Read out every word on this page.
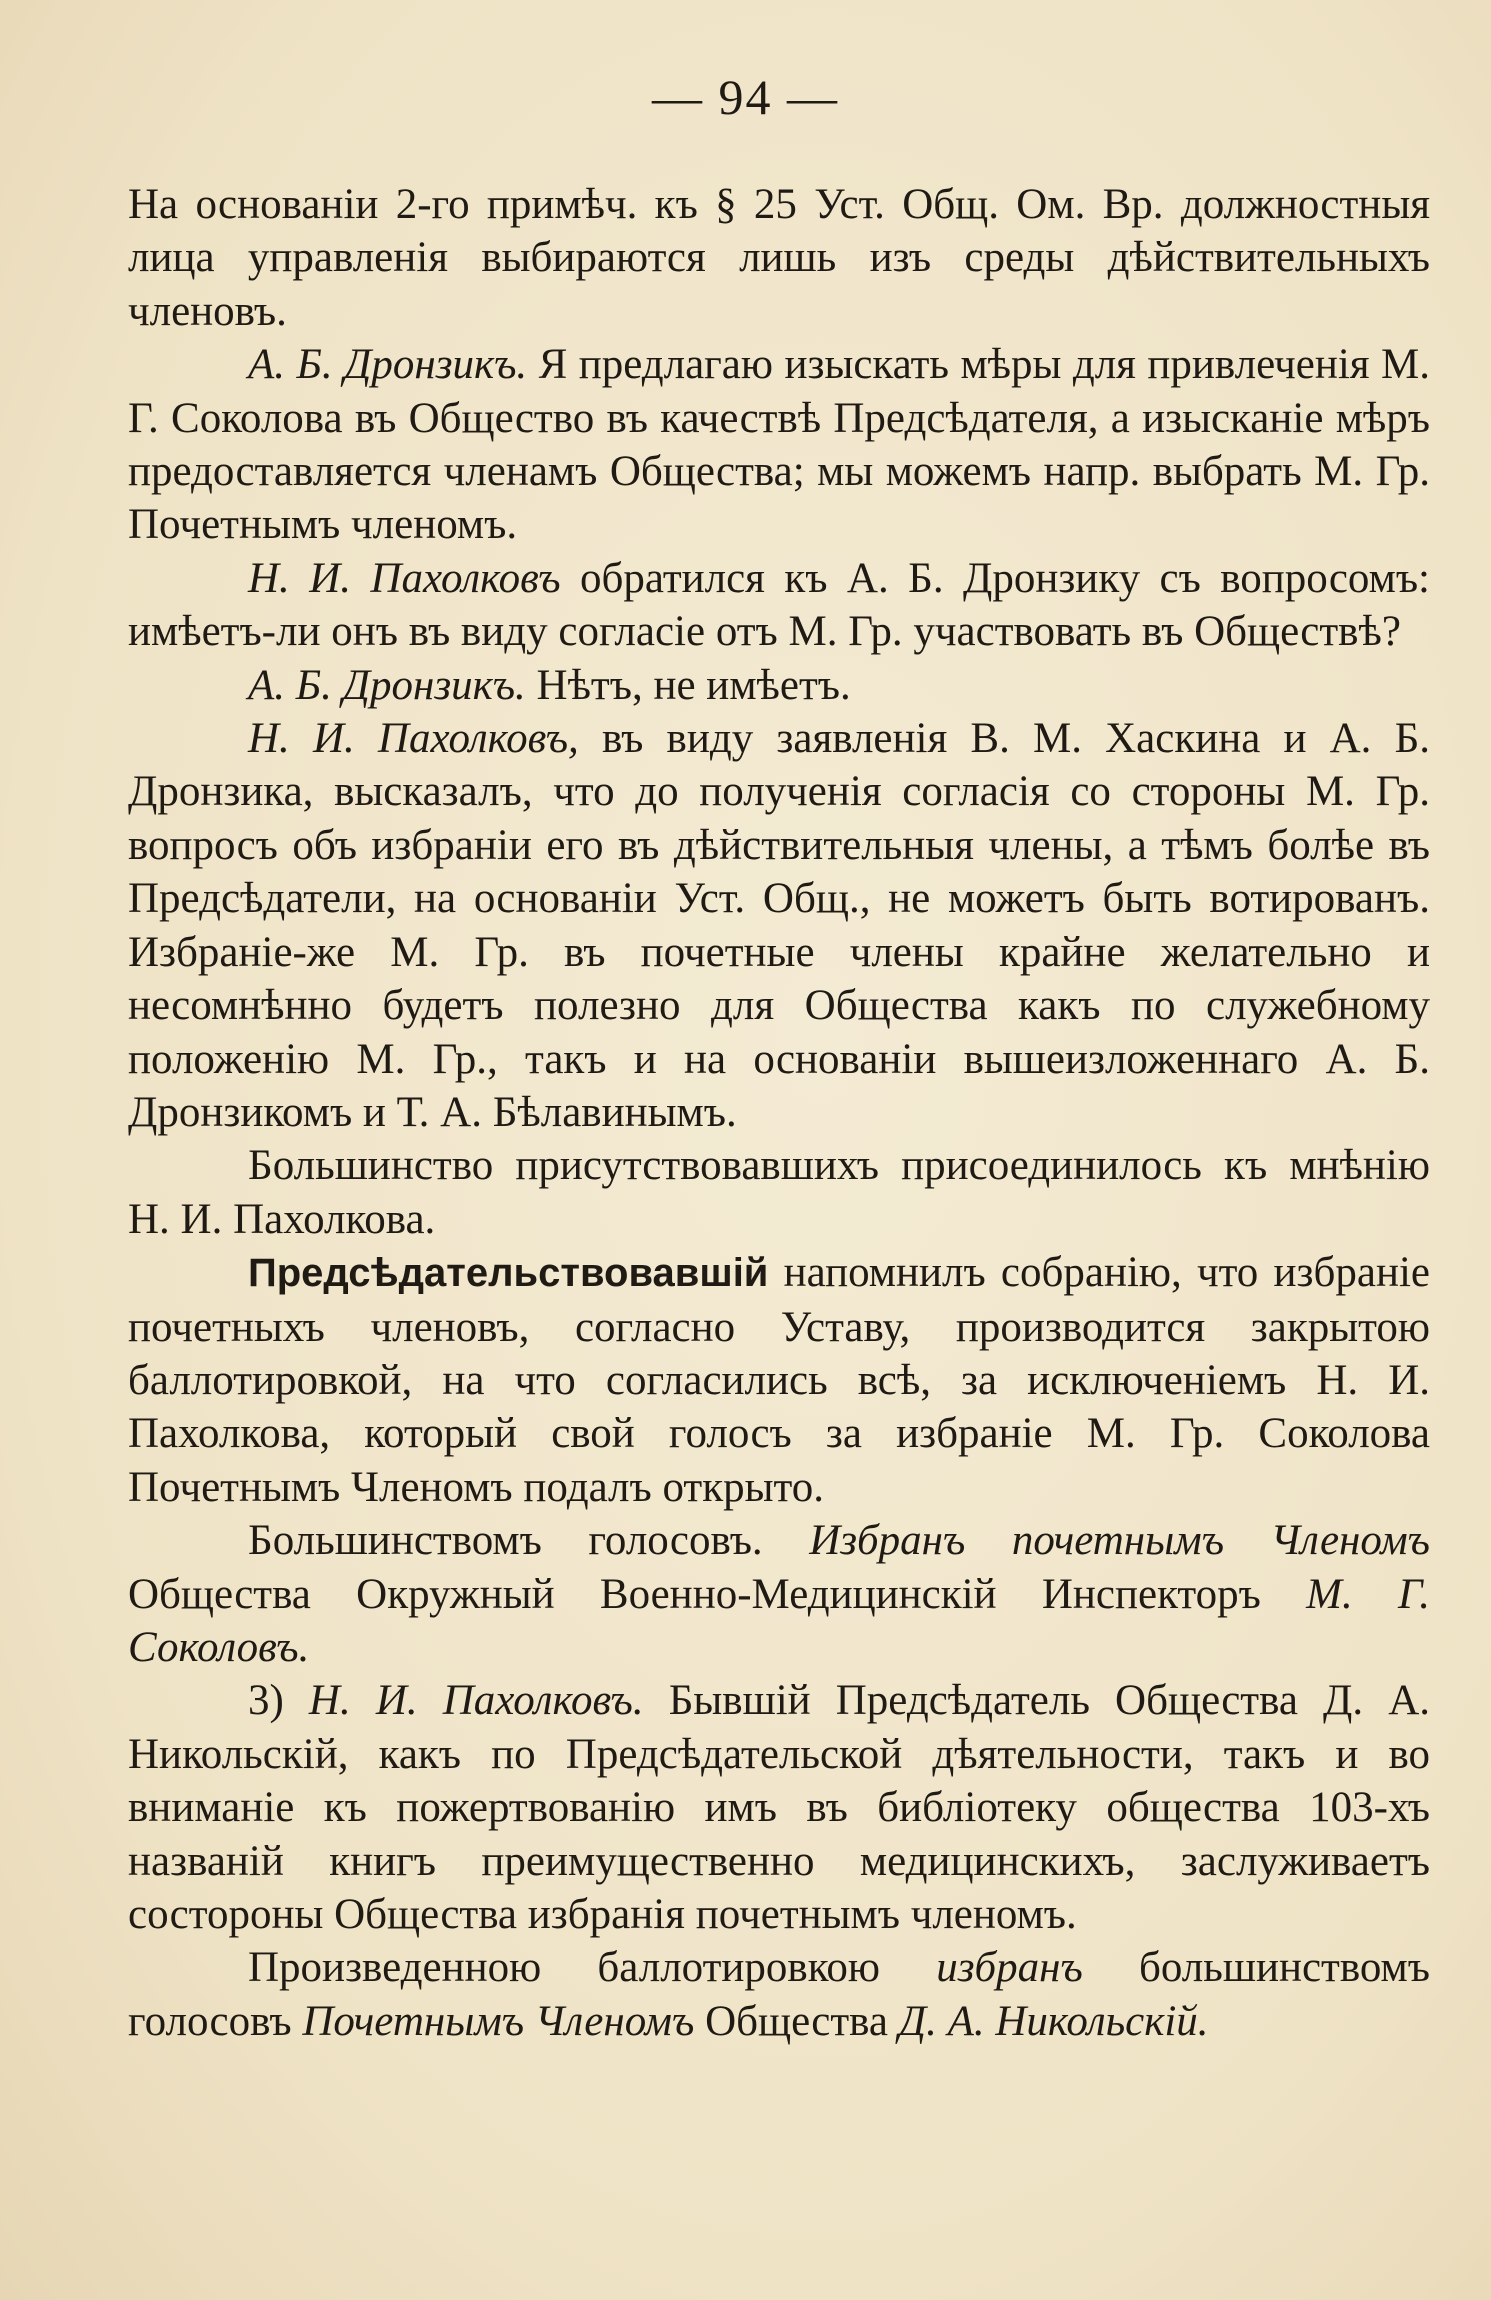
— 94 —

На основанiи 2-го примѣч. къ § 25 Уст. Общ. Ом. Вр. должностныя лица управленiя выбираются лишь изъ среды дѣйствительныхъ членовъ.

А. Б. Дронзикъ. Я предлагаю изыскать мѣры для привлеченiя М. Г. Соколова въ Общество въ качествѣ Предсѣдателя, а изысканiе мѣръ предоставляется членамъ Общества; мы можемъ напр. выбрать М. Гр. Почетнымъ членомъ.

Н. И. Пахолковъ обратился къ А. Б. Дронзику съ вопросомъ: имѣетъ-ли онъ въ виду согласiе отъ М. Гр. участвовать въ Обществѣ?

А. Б. Дронзикъ. Нѣтъ, не имѣетъ.

Н. И. Пахолковъ, въ виду заявленiя В. М. Хаскина и А. Б. Дронзика, высказалъ, что до полученiя согласiя со стороны М. Гр. вопросъ объ избранiи его въ дѣйствительныя члены, а тѣмъ болѣе въ Предсѣдатели, на основанiи Уст. Общ., не можетъ быть вотированъ. Избранiе-же М. Гр. въ почетные члены крайне желательно и несомнѣнно будетъ полезно для Общества какъ по служебному положенiю М. Гр., такъ и на основанiи вышеизложеннаго А. Б. Дронзикомъ и Т. А. Бѣлавинымъ.

Большинство присутствовавшихъ присоединилось къ мнѣнiю Н. И. Пахолкова.

Предсѣдательствовавшiй напомнилъ собранiю, что избранiе почетныхъ членовъ, согласно Уставу, производится закрытою баллотировкой, на что согласились всѣ, за исключенiемъ Н. И. Пахолкова, который свой голосъ за избранiе М. Гр. Соколова Почетнымъ Членомъ подалъ открыто.

Большинствомъ голосовъ. Избранъ почетнымъ Членомъ Общества Окружный Военно-Медицинскiй Инспекторъ М. Г. Соколовъ.

3) Н. И. Пахолковъ. Бывшiй Предсѣдатель Общества Д. А. Никольскiй, какъ по Предсѣдательской дѣятельности, такъ и во вниманiе къ пожертвованiю имъ въ библiотеку общества 103-хъ названiй книгъ преимущественно медицинскихъ, заслуживаетъ состороны Общества избранiя почетнымъ членомъ.

Произведенною баллотировкою избранъ большинствомъ голосовъ Почетнымъ Членомъ Общества Д. А. Никольскiй.
